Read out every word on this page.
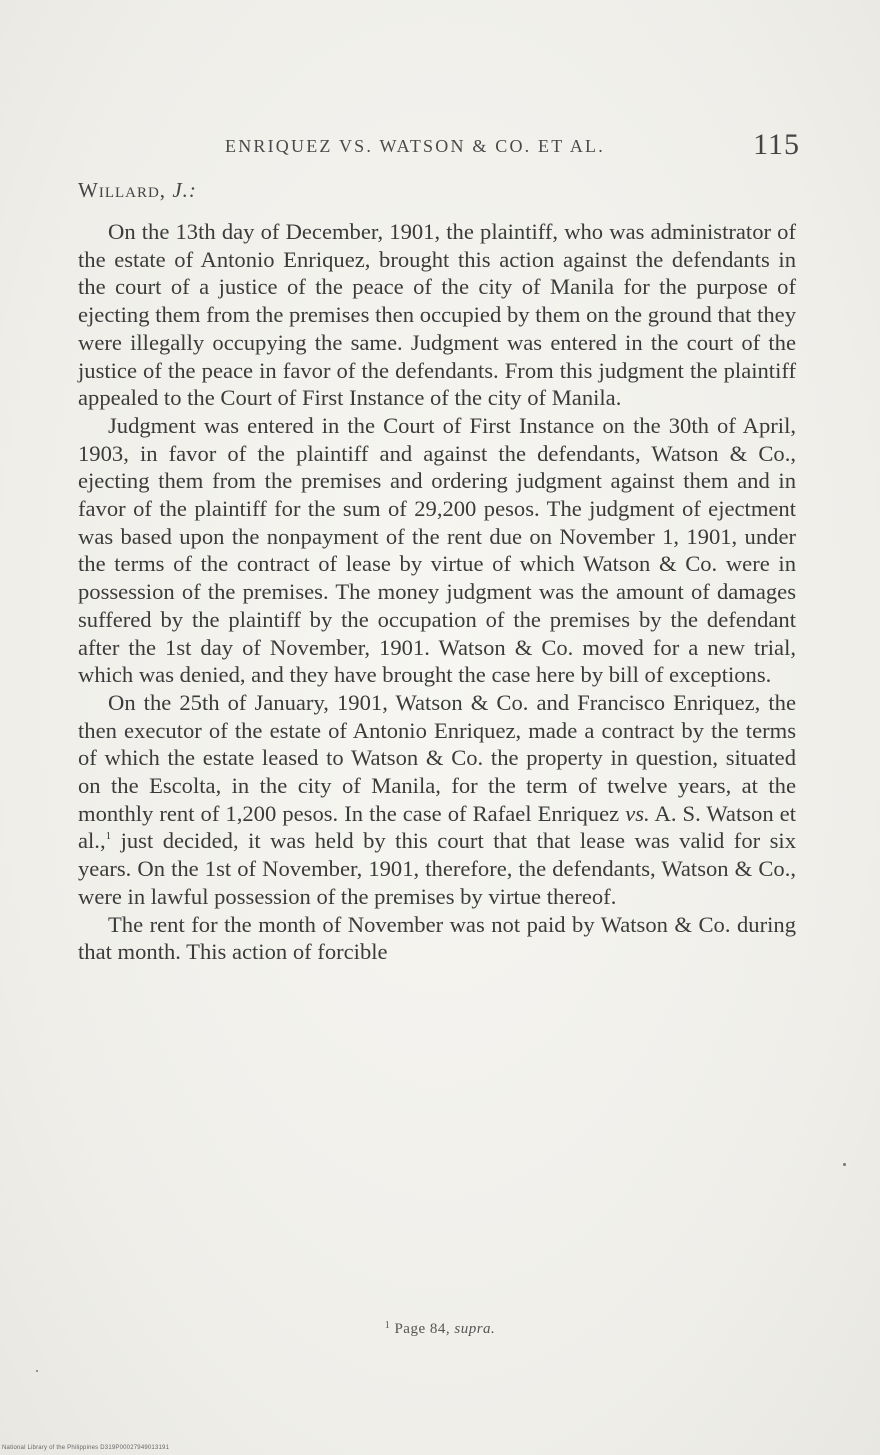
ENRIQUEZ VS. WATSON & CO. ET AL.	115
Willard, J.:

On the 13th day of December, 1901, the plaintiff, who was administrator of the estate of Antonio Enriquez, brought this action against the defendants in the court of a justice of the peace of the city of Manila for the purpose of ejecting them from the premises then occupied by them on the ground that they were illegally occupying the same. Judgment was entered in the court of the justice of the peace in favor of the defendants. From this judgment the plaintiff appealed to the Court of First Instance of the city of Manila.

Judgment was entered in the Court of First Instance on the 30th of April, 1903, in favor of the plaintiff and against the defendants, Watson & Co., ejecting them from the premises and ordering judgment against them and in favor of the plaintiff for the sum of 29,200 pesos. The judgment of ejectment was based upon the nonpayment of the rent due on November 1, 1901, under the terms of the contract of lease by virtue of which Watson & Co. were in possession of the premises. The money judgment was the amount of damages suffered by the plaintiff by the occupation of the premises by the defendant after the 1st day of November, 1901. Watson & Co. moved for a new trial, which was denied, and they have brought the case here by bill of exceptions.

On the 25th of January, 1901, Watson & Co. and Francisco Enriquez, the then executor of the estate of Antonio Enriquez, made a contract by the terms of which the estate leased to Watson & Co. the property in question, situated on the Escolta, in the city of Manila, for the term of twelve years, at the monthly rent of 1,200 pesos. In the case of Rafael Enriquez vs. A. S. Watson et al.,$^1$ just decided, it was held by this court that that lease was valid for six years. On the 1st of November, 1901, therefore, the defendants, Watson & Co., were in lawful possession of the premises by virtue thereof.

The rent for the month of November was not paid by Watson & Co. during that month. This action of forcible

$^1$ Page 84, supra.
National Library of the Philippines D319P00027949013191
